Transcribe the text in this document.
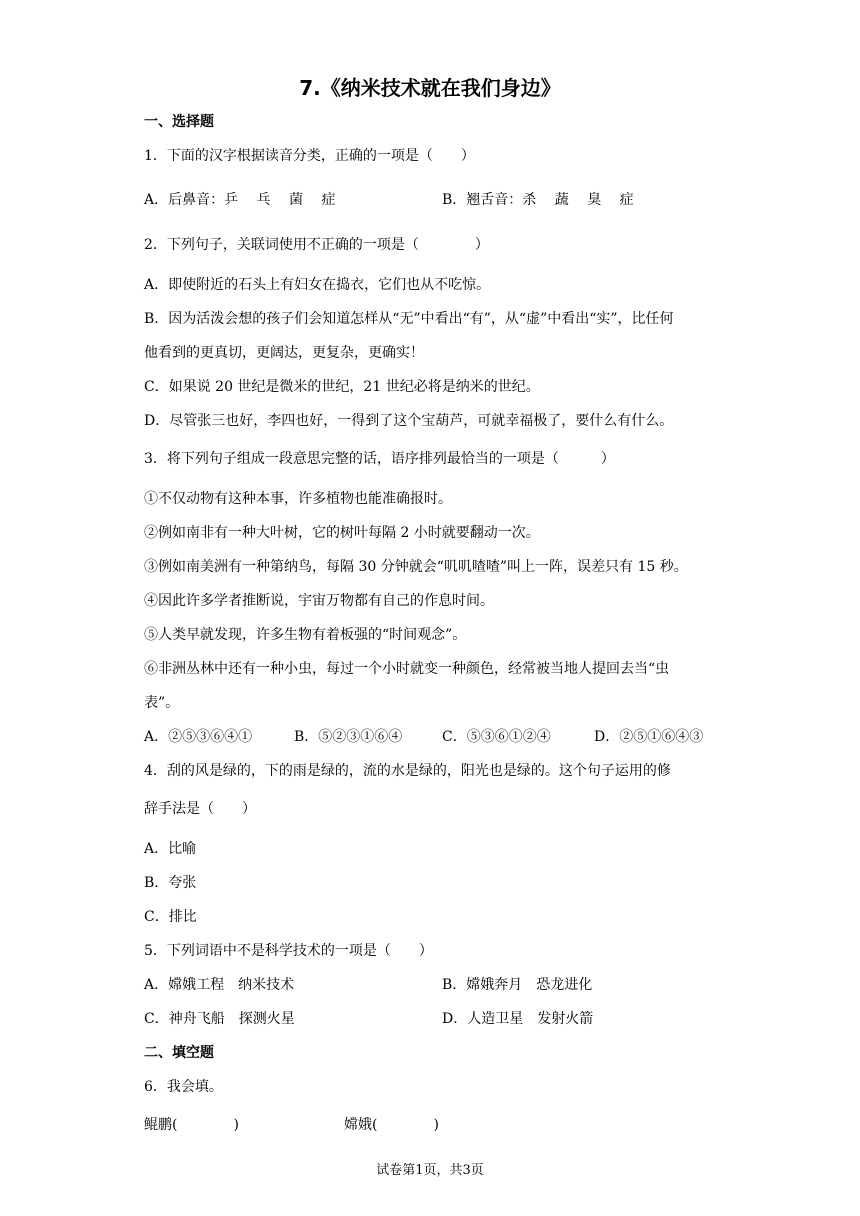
7.《纳米技术就在我们身边》
一、选择题
1．下面的汉字根据读音分类，正确的一项是（　　）
A．后鼻音：乒　 乓　 菌　 症	B．翘舌音：杀　 蔬　 臭　 症
2．下列句子，关联词使用不正确的一项是（　　　　）
A．即使附近的石头上有妇女在捣衣，它们也从不吃惊。
B．因为活泼会想的孩子们会知道怎样从“无”中看出“有”，从“虚”中看出“实”，比任何
他看到的更真切，更阔达，更复杂，更确实！
C．如果说 20 世纪是微米的世纪，21 世纪必将是纳米的世纪。
D．尽管张三也好，李四也好，一得到了这个宝葫芦，可就幸福极了，要什么有什么。
3．将下列句子组成一段意思完整的话，语序排列最恰当的一项是（　　　）
①不仅动物有这种本事，许多植物也能准确报时。
②例如南非有一种大叶树，它的树叶每隔 2 小时就要翻动一次。
③例如南美洲有一种第纳鸟，每隔 30 分钟就会“叽叽喳喳”叫上一阵，误差只有 15 秒。
④因此许多学者推断说，宇宙万物都有自己的作息时间。
⑤人类早就发现，许多生物有着板强的“时间观念”。
⑥非洲丛林中还有一种小虫，每过一个小时就变一种颜色，经常被当地人提回去当“虫
表”。
A．②⑤③⑥④①	B．⑤②③①⑥④	C．⑤③⑥①②④	D．②⑤①⑥④③
4．刮的风是绿的，下的雨是绿的，流的水是绿的，阳光也是绿的。这个句子运用的修
辞手法是（　　）
A．比喻
B．夸张
C．排比
5．下列词语中不是科学技术的一项是（　　）
A．嫦娥工程　纳米技术	B．嫦娥奔月　恐龙进化
C．神舟飞船　探测火星	D．人造卫星　发射火箭
二、填空题
6．我会填。
鲲鹏(　　　　)	嫦娥(　　　　)
试卷第1页，共3页
